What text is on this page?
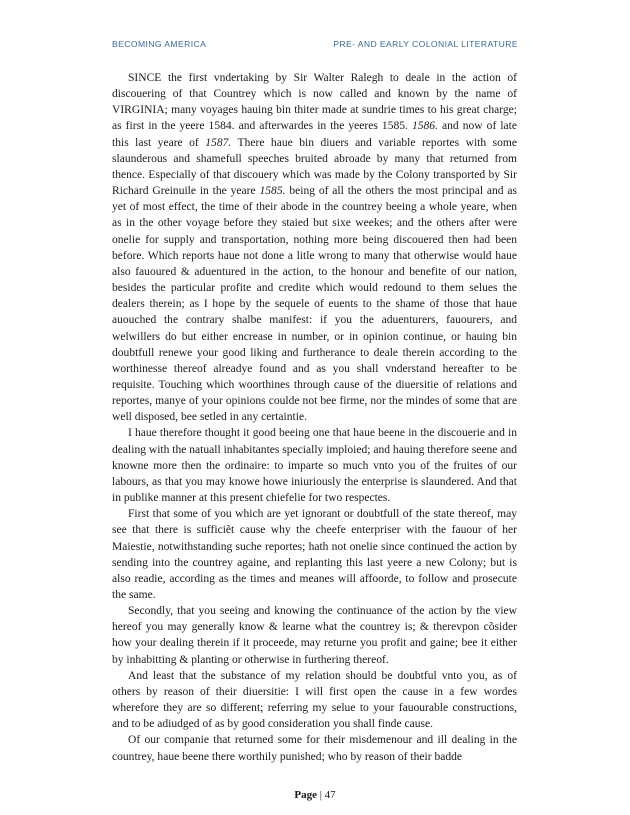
BECOMING AMERICA	PRE- AND EARLY COLONIAL LITERATURE

SINCE the first vndertaking by Sir Walter Ralegh to deale in the action of discouering of that Countrey which is now called and known by the name of VIRGINIA; many voyages hauing bin thiter made at sundrie times to his great charge; as first in the yeere 1584. and afterwardes in the yeeres 1585. 1586. and now of late this last yeare of 1587. There haue bin diuers and variable reportes with some slaunderous and shamefull speeches bruited abroade by many that returned from thence. Especially of that discouery which was made by the Colony transported by Sir Richard Greinuile in the yeare 1585. being of all the others the most principal and as yet of most effect, the time of their abode in the countrey beeing a whole yeare, when as in the other voyage before they staied but sixe weekes; and the others after were onelie for supply and transportation, nothing more being discouered then had been before. Which reports haue not done a litle wrong to many that otherwise would haue also fauoured & aduentured in the action, to the honour and benefite of our nation, besides the particular profite and credite which would redound to them selues the dealers therein; as I hope by the sequele of euents to the shame of those that haue auouched the contrary shalbe manifest: if you the aduenturers, fauourers, and welwillers do but either encrease in number, or in opinion continue, or hauing bin doubtfull renewe your good liking and furtherance to deale therein according to the worthinesse thereof alreadye found and as you shall vnderstand hereafter to be requisite. Touching which woorthines through cause of the diuersitie of relations and reportes, manye of your opinions coulde not bee firme, nor the mindes of some that are well disposed, bee setled in any certaintie.

I haue therefore thought it good beeing one that haue beene in the discouerie and in dealing with the natuall inhabitantes specially imploied; and hauing therefore seene and knowne more then the ordinaire: to imparte so much vnto you of the fruites of our labours, as that you may knowe howe iniuriously the enterprise is slaundered. And that in publike manner at this present chiefelie for two respectes.

First that some of you which are yet ignorant or doubtfull of the state thereof, may see that there is sufficiẽt cause why the cheefe enterpriser with the fauour of her Maiestie, notwithstanding suche reportes; hath not onelie since continued the action by sending into the countrey againe, and replanting this last yeere a new Colony; but is also readie, according as the times and meanes will affoorde, to follow and prosecute the same.

Secondly, that you seeing and knowing the continuance of the action by the view hereof you may generally know & learne what the countrey is; & therevpon cõsider how your dealing therein if it proceede, may returne you profit and gaine; bee it either by inhabitting & planting or otherwise in furthering thereof.

And least that the substance of my relation should be doubtful vnto you, as of others by reason of their diuersitie: I will first open the cause in a few wordes wherefore they are so different; referring my selue to your fauourable constructions, and to be adiudged of as by good consideration you shall finde cause.

Of our companie that returned some for their misdemenour and ill dealing in the countrey, haue beene there worthily punished; who by reason of their badde

Page | 47
